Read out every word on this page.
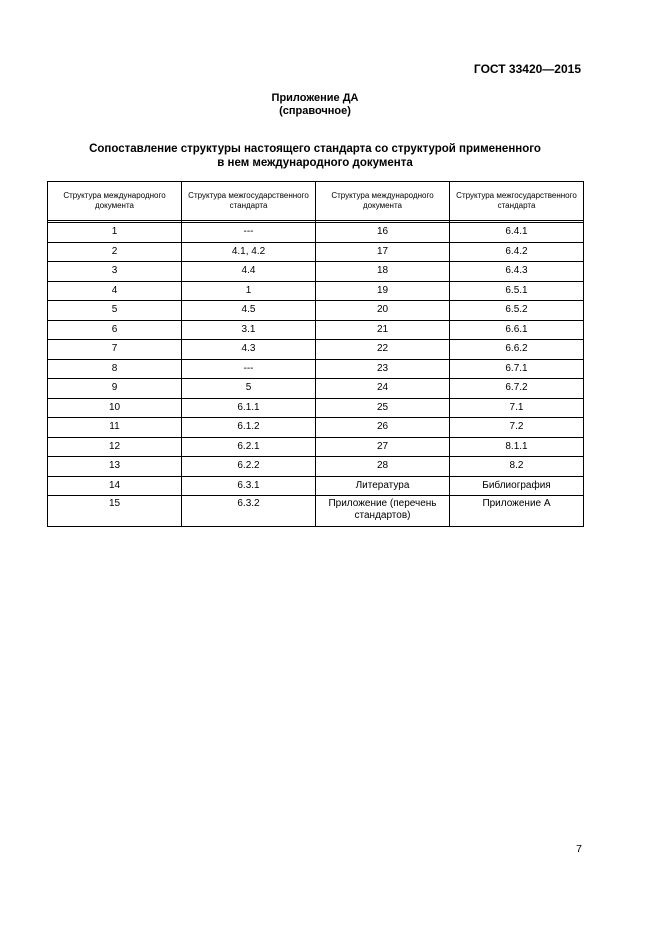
ГОСТ 33420—2015
Приложение ДА
(справочное)
Сопоставление структуры настоящего стандарта со структурой примененного
в нем международного документа
Структура международного документа	Структура межгосударственного стандарта	Структура международного документа	Структура межгосударственного стандарта

1	---	16	6.4.1
2	4.1, 4.2	17	6.4.2
3	4.4	18	6.4.3
4	1	19	6.5.1
5	4.5	20	6.5.2
6	3.1	21	6.6.1
7	4.3	22	6.6.2
8	---	23	6.7.1
9	5	24	6.7.2
10	6.1.1	25	7.1
11	6.1.2	26	7.2
12	6.2.1	27	8.1.1
13	6.2.2	28	8.2
14	6.3.1	Литература	Библиография
15	6.3.2	Приложение (перечень стандартов)	Приложение А
7
